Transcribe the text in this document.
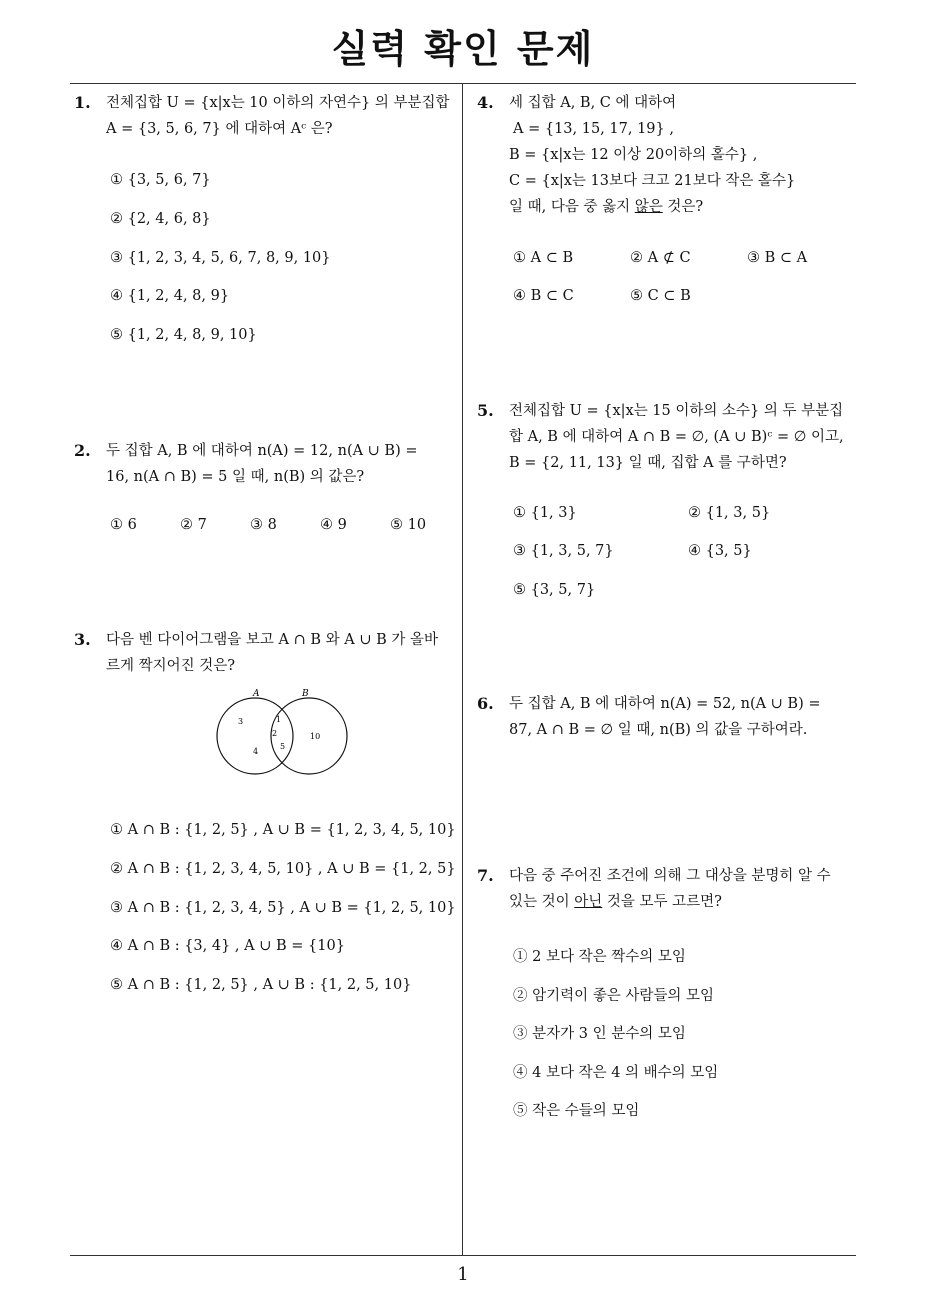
실력 확인 문제
1
1. 전체집합 U = {x|x는 10 이하의 자연수} 의 부분집합
A = {3, 5, 6, 7} 에 대하여 Aᶜ 은?
① {3, 5, 6, 7}
② {2, 4, 6, 8}
③ {1, 2, 3, 4, 5, 6, 7, 8, 9, 10}
④ {1, 2, 4, 8, 9}
⑤ {1, 2, 4, 8, 9, 10}
2. 두 집합 A, B 에 대하여 n(A) = 12, n(A ∪ B) =
16, n(A ∩ B) = 5 일 때, n(B) 의 값은?
① 6	② 7	③ 8	④ 9	⑤ 10
3. 다음 벤 다이어그램을 보고 A ∩ B 와 A ∪ B 가 올바
르게 짝지어진 것은?
A	B
3
4
1
2
5
10
① A ∩ B : {1, 2, 5} , A ∪ B = {1, 2, 3, 4, 5, 10}
② A ∩ B : {1, 2, 3, 4, 5, 10} , A ∪ B = {1, 2, 5}
③ A ∩ B : {1, 2, 3, 4, 5} , A ∪ B = {1, 2, 5, 10}
④ A ∩ B : {3, 4} , A ∪ B = {10}
⑤ A ∩ B : {1, 2, 5} , A ∪ B : {1, 2, 5, 10}
4. 세 집합 A, B, C 에 대하여
A = {13, 15, 17, 19} ,
B = {x|x는 12 이상 20이하의 홀수} ,
C = {x|x는 13보다 크고 21보다 작은 홀수}
일 때, 다음 중 옳지 않은 것은?
① A ⊂ B	② A ⊄ C	③ B ⊂ A
④ B ⊂ C	⑤ C ⊂ B
5. 전체집합 U = {x|x는 15 이하의 소수} 의 두 부분집
합 A, B 에 대하여 A ∩ B = ∅, (A ∪ B)ᶜ = ∅ 이고,
B = {2, 11, 13} 일 때, 집합 A 를 구하면?
① {1, 3}	② {1, 3, 5}
③ {1, 3, 5, 7}	④ {3, 5}
⑤ {3, 5, 7}
6. 두 집합 A, B 에 대하여 n(A) = 52, n(A ∪ B) =
87, A ∩ B = ∅ 일 때, n(B) 의 값을 구하여라.
7. 다음 중 주어진 조건에 의해 그 대상을 분명히 알 수
있는 것이 아닌 것을 모두 고르면?
① 2 보다 작은 짝수의 모임
② 암기력이 좋은 사람들의 모임
③ 분자가 3 인 분수의 모임
④ 4 보다 작은 4 의 배수의 모임
⑤ 작은 수들의 모임
